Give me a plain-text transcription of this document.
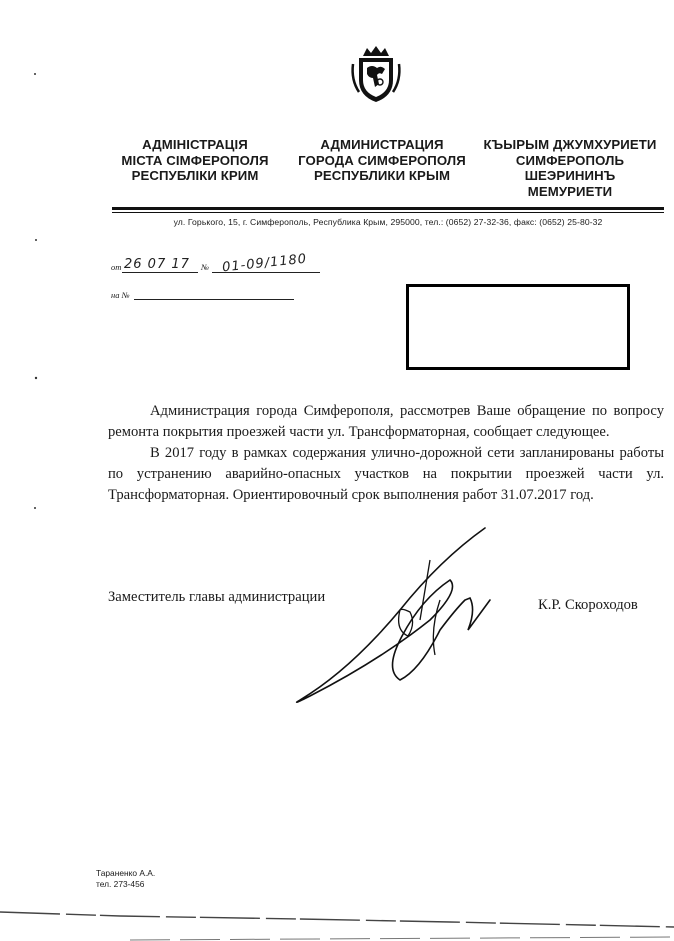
АДМІНІСТРАЦІЯ
МІСТА СІМФЕРОПОЛЯ
РЕСПУБЛІКИ КРИМ
АДМИНИСТРАЦИЯ
ГОРОДА СИМФЕРОПОЛЯ
РЕСПУБЛИКИ КРЫМ
КЪЫРЫМ ДЖУМХУРИЕТИ
СИМФЕРОПОЛЬ
ШЕЭРИНИНЪ
МЕМУРИЕТИ
ул. Горького, 15, г. Симферополь, Республика Крым, 295000, тел.: (0652) 27-32-36, факс: (0652) 25-80-32
от 26 07 17 № 01-09/1180
на №

Администрация города Симферополя, рассмотрев Ваше обращение по вопросу ремонта покрытия проезжей части ул. Трансформаторная, сообщает следующее.

В 2017 году в рамках содержания улично-дорожной сети запланированы работы по устранению аварийно-опасных участков на покрытии проезжей части ул. Трансформаторная. Ориентировочный срок выполнения работ 31.07.2017 год.

Заместитель главы администрации	К.Р. Скороходов
Тараненко А.А.
тел. 273-456
